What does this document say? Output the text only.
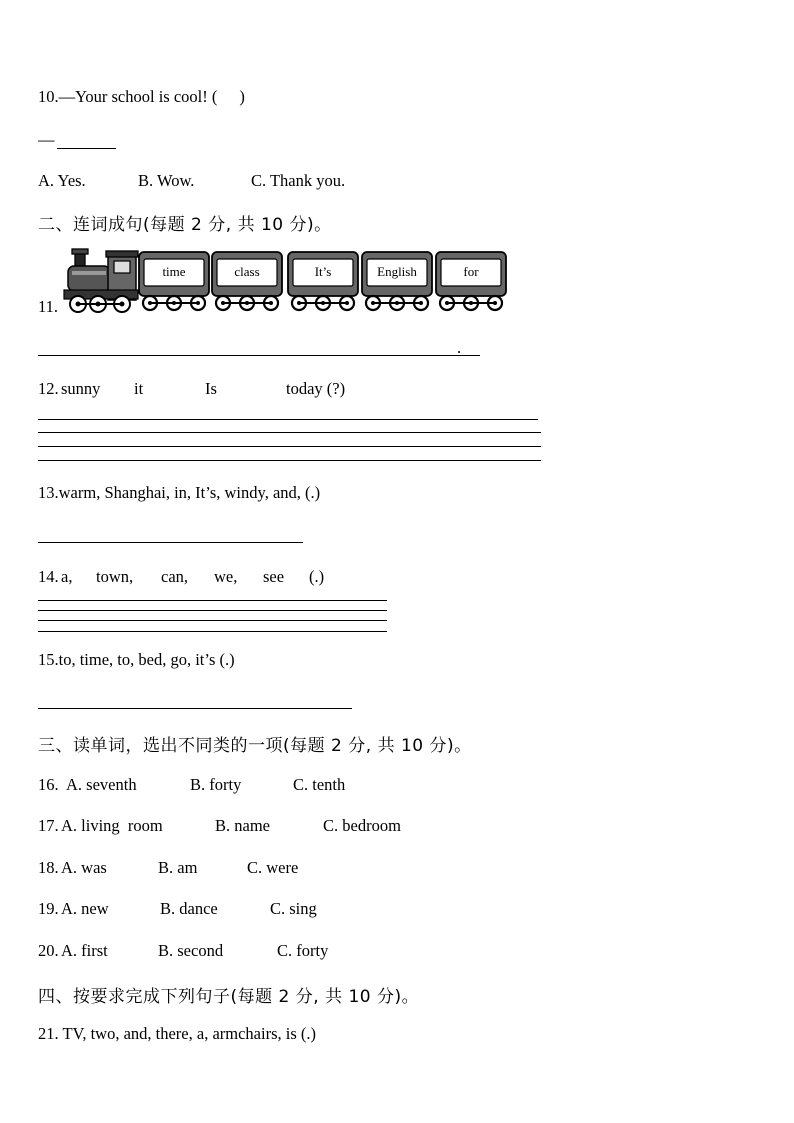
10.—Your school is cool! ( )
—
A. Yes.	B. Wow.	C. Thank you.
二、连词成句(每题 2 分, 共 10 分)。
11.
time	class	It’s	English	for
.
12. sunny it	Is	today (?)
13.warm, Shanghai, in, It’s, windy, and, (.)
14. a, town, can, we, see (.)
15.to, time, to, bed, go, it’s (.)
三、读单词，选出不同类的一项(每题 2 分, 共 10 分)。
16. A. seventh	B. forty	C. tenth
17. A. living  room	B. name	C. bedroom
18. A. was	B. am	C. were
19. A. new	B. dance	C. sing
20. A. first	B. second	C. forty
四、按要求完成下列句子(每题 2 分, 共 10 分)。
21. TV, two, and, there, a, armchairs, is (.)
